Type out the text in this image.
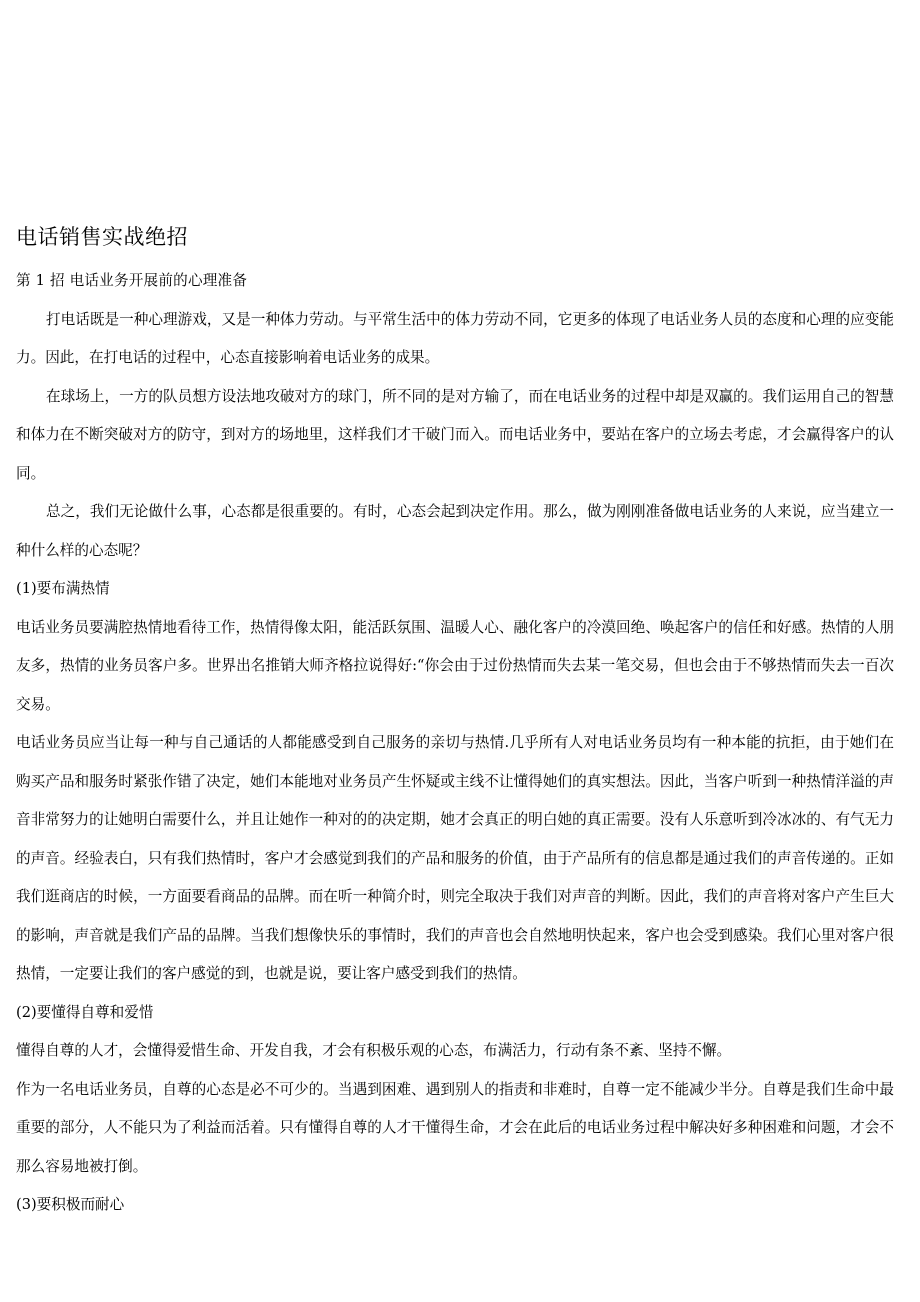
电话销售实战绝招

第 1 招 电话业务开展前的心理准备

打电话既是一种心理游戏，又是一种体力劳动。与平常生活中的体力劳动不同，它更多的体现了电话业务人员的态度和心理的应变能力。因此，在打电话的过程中，心态直接影响着电话业务的成果。

在球场上，一方的队员想方设法地攻破对方的球门，所不同的是对方输了，而在电话业务的过程中却是双赢的。我们运用自己的智慧和体力在不断突破对方的防守，到对方的场地里，这样我们才干破门而入。而电话业务中，要站在客户的立场去考虑，才会赢得客户的认同。

总之，我们无论做什么事，心态都是很重要的。有时，心态会起到决定作用。那么，做为刚刚准备做电话业务的人来说，应当建立一种什么样的心态呢？

(1)要布满热情

电话业务员要满腔热情地看待工作，热情得像太阳，能活跃氛围、温暖人心、融化客户的冷漠回绝、唤起客户的信任和好感。热情的人朋友多，热情的业务员客户多。世界出名推销大师齐格拉说得好:“你会由于过份热情而失去某一笔交易，但也会由于不够热情而失去一百次交易。

电话业务员应当让每一种与自己通话的人都能感受到自己服务的亲切与热情.几乎所有人对电话业务员均有一种本能的抗拒，由于她们在购买产品和服务时紧张作错了决定，她们本能地对业务员产生怀疑或主线不让懂得她们的真实想法。因此，当客户听到一种热情洋溢的声音非常努力的让她明白需要什么，并且让她作一种对的的决定期，她才会真正的明白她的真正需要。没有人乐意听到冷冰冰的、有气无力的声音。经验表白，只有我们热情时，客户才会感觉到我们的产品和服务的价值，由于产品所有的信息都是通过我们的声音传递的。正如我们逛商店的时候，一方面要看商品的品牌。而在听一种简介时，则完全取决于我们对声音的判断。因此，我们的声音将对客户产生巨大的影响，声音就是我们产品的品牌。当我们想像快乐的事情时，我们的声音也会自然地明快起来，客户也会受到感染。我们心里对客户很热情，一定要让我们的客户感觉的到，也就是说，要让客户感受到我们的热情。

(2)要懂得自尊和爱惜

懂得自尊的人才，会懂得爱惜生命、开发自我，才会有积极乐观的心态，布满活力，行动有条不紊、坚持不懈。

作为一名电话业务员，自尊的心态是必不可少的。当遇到困难、遇到别人的指责和非难时，自尊一定不能减少半分。自尊是我们生命中最重要的部分，人不能只为了利益而活着。只有懂得自尊的人才干懂得生命，才会在此后的电话业务过程中解决好多种困难和问题，才会不那么容易地被打倒。

(3)要积极而耐心
